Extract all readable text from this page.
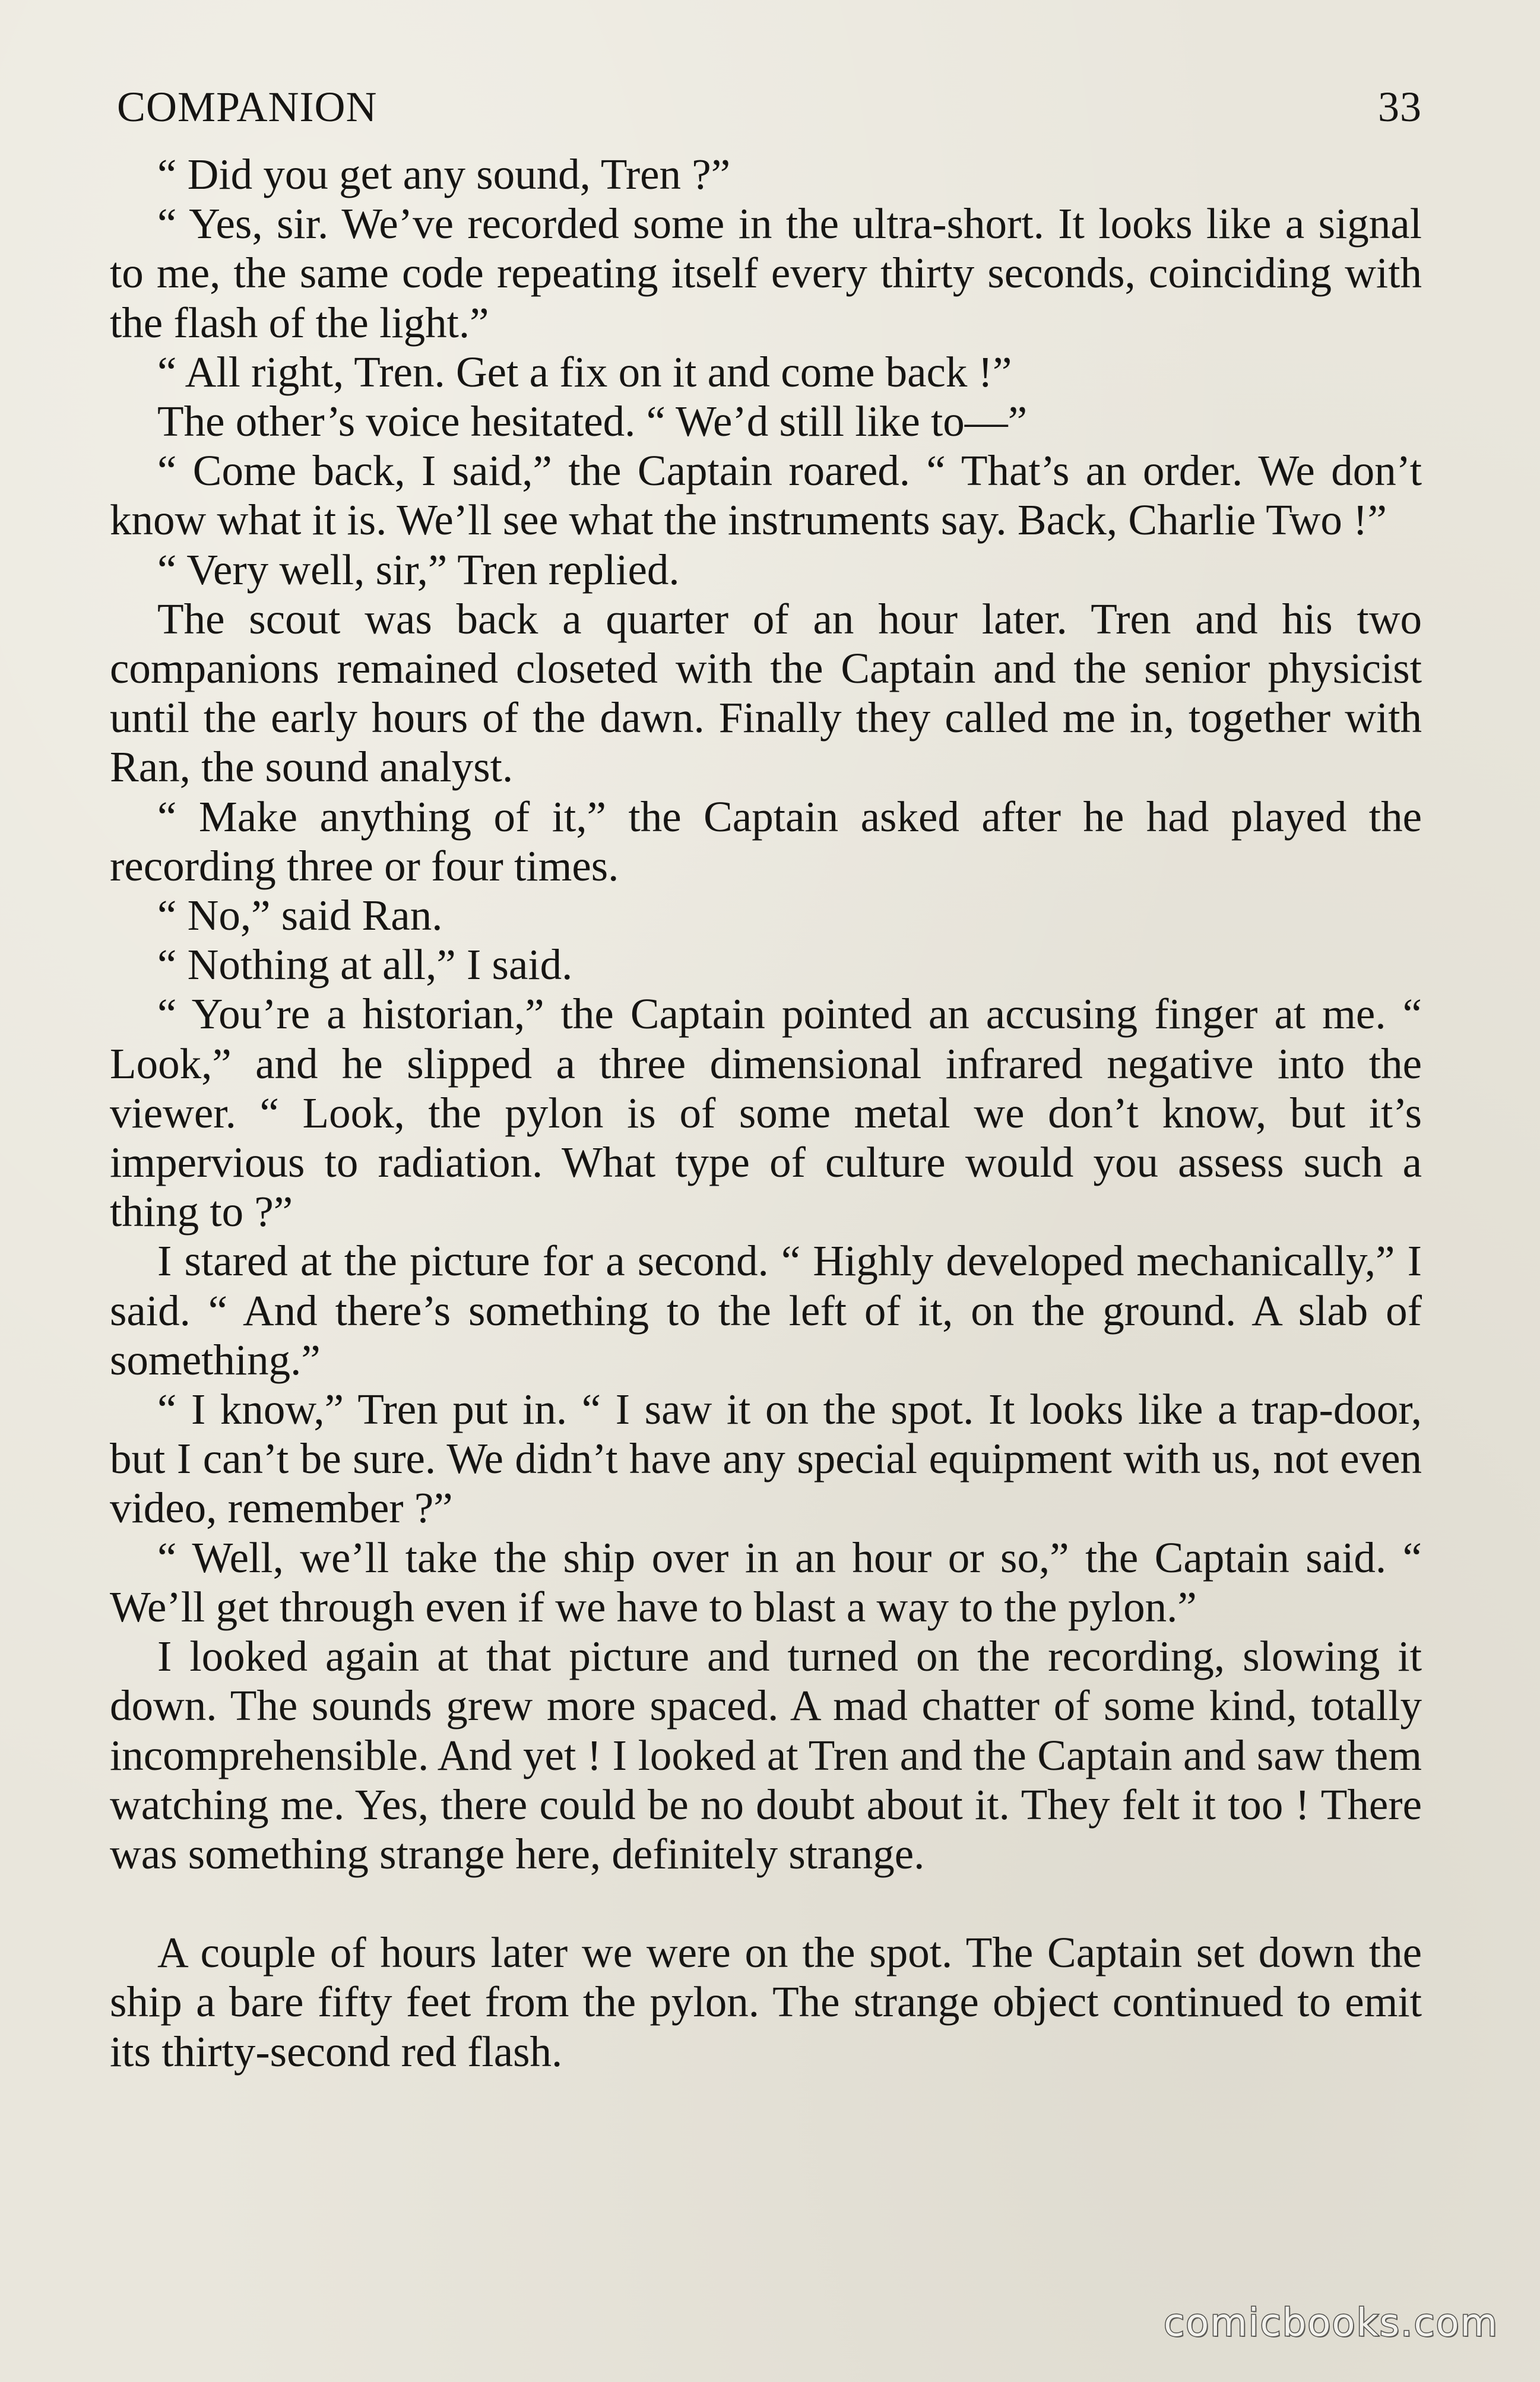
COMPANION	33

“ Did you get any sound, Tren ?”

“ Yes, sir. We’ve recorded some in the ultra-short. It looks like a signal to me, the same code repeating itself every thirty seconds, coinciding with the flash of the light.”

“ All right, Tren. Get a fix on it and come back !”

The other’s voice hesitated. “ We’d still like to—”

“ Come back, I said,” the Captain roared. “ That’s an order. We don’t know what it is. We’ll see what the instruments say. Back, Charlie Two !”

“ Very well, sir,” Tren replied.

The scout was back a quarter of an hour later. Tren and his two companions remained closeted with the Captain and the senior physicist until the early hours of the dawn. Finally they called me in, together with Ran, the sound analyst.

“ Make anything of it,” the Captain asked after he had played the recording three or four times.

“ No,” said Ran.

“ Nothing at all,” I said.

“ You’re a historian,” the Captain pointed an accusing finger at me. “ Look,” and he slipped a three dimensional infrared negative into the viewer. “ Look, the pylon is of some metal we don’t know, but it’s impervious to radiation. What type of culture would you assess such a thing to ?”

I stared at the picture for a second. “ Highly developed mechanically,” I said. “ And there’s something to the left of it, on the ground. A slab of something.”

“ I know,” Tren put in. “ I saw it on the spot. It looks like a trap-door, but I can’t be sure. We didn’t have any special equipment with us, not even video, remember ?”

“ Well, we’ll take the ship over in an hour or so,” the Captain said. “ We’ll get through even if we have to blast a way to the pylon.”

I looked again at that picture and turned on the recording, slowing it down. The sounds grew more spaced. A mad chatter of some kind, totally incomprehensible. And yet ! I looked at Tren and the Captain and saw them watching me. Yes, there could be no doubt about it. They felt it too ! There was something strange here, definitely strange.

A couple of hours later we were on the spot. The Captain set down the ship a bare fifty feet from the pylon. The strange object continued to emit its thirty-second red flash.

comicbooks.com
